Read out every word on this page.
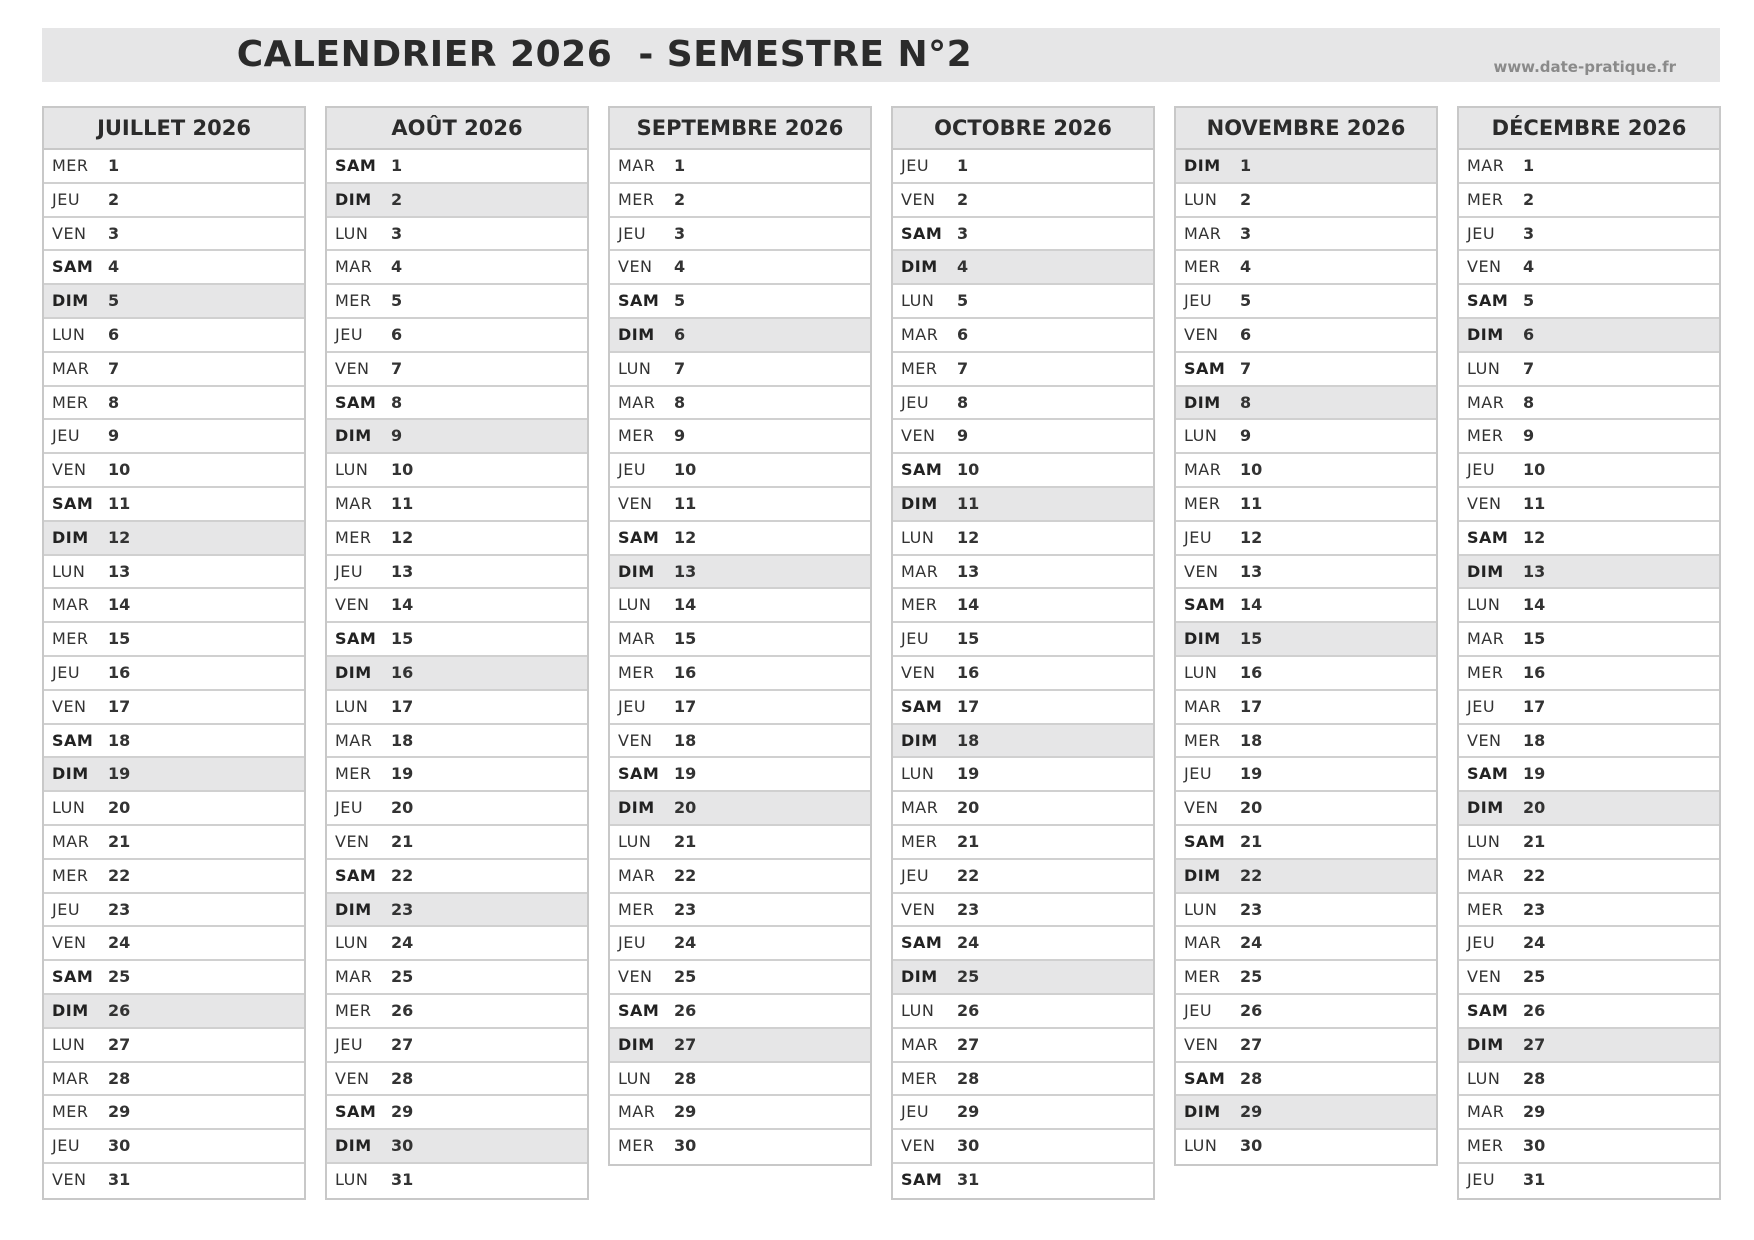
CALENDRIER 2026  - SEMESTRE N°2	www.date-pratique.fr
JUILLET 2026
MER	1
JEU	2
VEN	3
SAM 4
DIM	5
LUN	6
MAR	7
MER	8
JEU	9
VEN	10
SAM 11
DIM	12
LUN	13
MAR	14
MER	15
JEU	16
VEN	17
SAM 18
DIM	19
LUN	20
MAR	21
MER	22
JEU	23
VEN	24
SAM 25
DIM	26
LUN	27
MAR	28
MER	29
JEU	30
VEN	31
AOÛT 2026
SAM 1
DIM	2
LUN	3
MAR	4
MER	5
JEU	6
VEN	7
SAM 8
DIM	9
LUN	10
MAR	11
MER	12
JEU	13
VEN	14
SAM 15
DIM	16
LUN	17
MAR	18
MER	19
JEU	20
VEN	21
SAM 22
DIM	23
LUN	24
MAR	25
MER	26
JEU	27
VEN	28
SAM 29
DIM	30
LUN	31
SEPTEMBRE 2026
MAR	1
MER	2
JEU	3
VEN	4
SAM 5
DIM	6
LUN	7
MAR	8
MER	9
JEU	10
VEN	11
SAM 12
DIM	13
LUN	14
MAR	15
MER	16
JEU	17
VEN	18
SAM 19
DIM	20
LUN	21
MAR	22
MER	23
JEU	24
VEN	25
SAM 26
DIM	27
LUN	28
MAR	29
MER	30
OCTOBRE 2026
JEU	1
VEN	2
SAM 3
DIM	4
LUN	5
MAR	6
MER	7
JEU	8
VEN	9
SAM 10
DIM	11
LUN	12
MAR	13
MER	14
JEU	15
VEN	16
SAM 17
DIM	18
LUN	19
MAR	20
MER	21
JEU	22
VEN	23
SAM 24
DIM	25
LUN	26
MAR	27
MER	28
JEU	29
VEN	30
SAM 31
NOVEMBRE 2026
DIM	1
LUN	2
MAR	3
MER	4
JEU	5
VEN	6
SAM 7
DIM	8
LUN	9
MAR	10
MER	11
JEU	12
VEN	13
SAM 14
DIM	15
LUN	16
MAR	17
MER	18
JEU	19
VEN	20
SAM 21
DIM	22
LUN	23
MAR	24
MER	25
JEU	26
VEN	27
SAM 28
DIM	29
LUN	30
DÉCEMBRE 2026
MAR	1
MER	2
JEU	3
VEN	4
SAM 5
DIM	6
LUN	7
MAR	8
MER	9
JEU	10
VEN	11
SAM 12
DIM	13
LUN	14
MAR	15
MER	16
JEU	17
VEN	18
SAM 19
DIM	20
LUN	21
MAR	22
MER	23
JEU	24
VEN	25
SAM 26
DIM	27
LUN	28
MAR	29
MER	30
JEU	31
